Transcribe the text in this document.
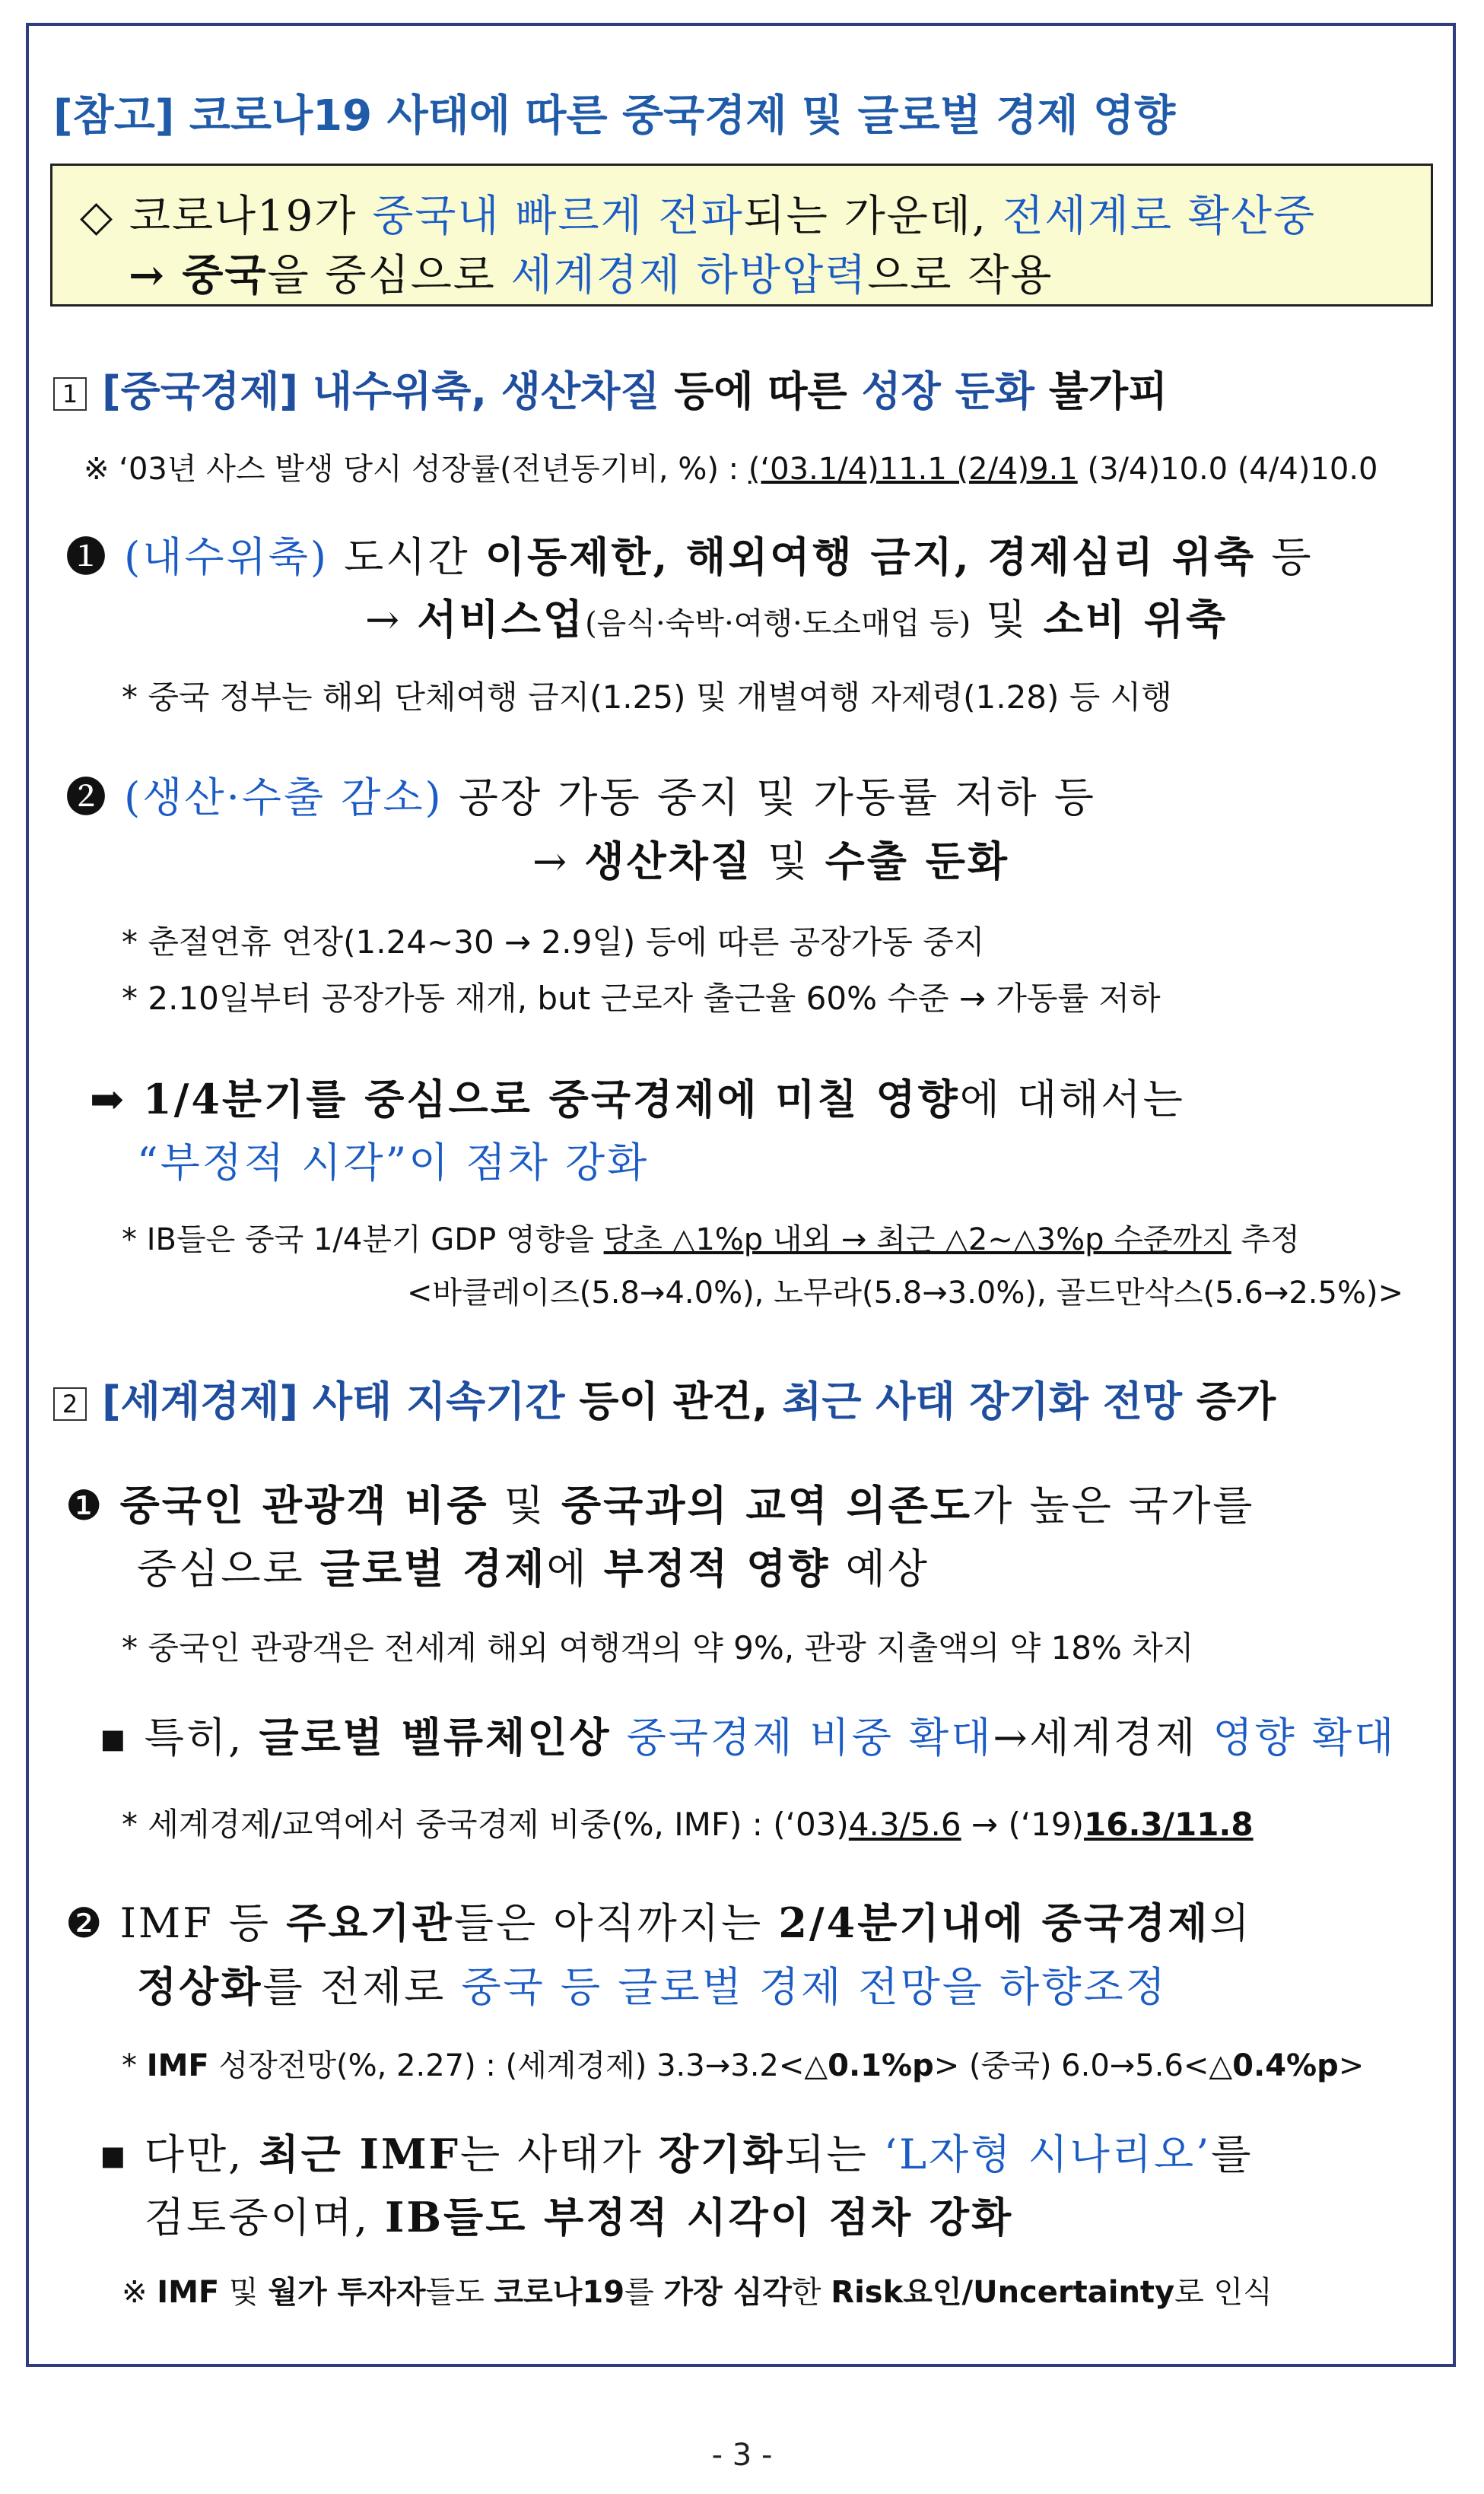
[참고] 코로나19 사태에 따른 중국경제 및 글로벌 경제 영향
◇ 코로나19가 중국내 빠르게 전파되는 가운데, 전세계로 확산중
→ 중국을 중심으로 세계경제 하방압력으로 작용
1 [중국경제] 내수위축, 생산차질 등에 따른 성장 둔화 불가피
※ ‘03년 사스 발생 당시 성장률(전년동기비, %) : (‘03.1/4)11.1 (2/4)9.1 (3/4)10.0 (4/4)10.0
❶ (내수위축) 도시간 이동제한, 해외여행 금지, 경제심리 위축 등
→ 서비스업(음식·숙박·여행·도소매업 등) 및 소비 위축
* 중국 정부는 해외 단체여행 금지(1.25) 및 개별여행 자제령(1.28) 등 시행
❷ (생산·수출 감소) 공장 가동 중지 및 가동률 저하 등
→ 생산차질 및 수출 둔화
* 춘절연휴 연장(1.24~30 → 2.9일) 등에 따른 공장가동 중지
* 2.10일부터 공장가동 재개, but 근로자 출근율 60% 수준 → 가동률 저하
➡ 1/4분기를 중심으로 중국경제에 미칠 영향에 대해서는
“부정적 시각”이 점차 강화
* IB들은 중국 1/4분기 GDP 영향을 당초 △1%p 내외 → 최근 △2~△3%p 수준까지 추정
<바클레이즈(5.8→4.0%), 노무라(5.8→3.0%), 골드만삭스(5.6→2.5%)>
2 [세계경제] 사태 지속기간 등이 관건, 최근 사태 장기화 전망 증가
❶ 중국인 관광객 비중 및 중국과의 교역 의존도가 높은 국가를
중심으로 글로벌 경제에 부정적 영향 예상
* 중국인 관광객은 전세계 해외 여행객의 약 9%, 관광 지출액의 약 18% 차지
▪ 특히, 글로벌 벨류체인상 중국경제 비중 확대→세계경제 영향 확대
* 세계경제/교역에서 중국경제 비중(%, IMF) : (‘03)4.3/5.6 → (‘19)16.3/11.8
❷ IMF 등 주요기관들은 아직까지는 2/4분기내에 중국경제의
정상화를 전제로 중국 등 글로벌 경제 전망을 하향조정
* IMF 성장전망(%, 2.27) : (세계경제) 3.3→3.2<△0.1%p> (중국) 6.0→5.6<△0.4%p>
▪ 다만, 최근 IMF는 사태가 장기화되는 ‘L자형 시나리오’를
검토중이며, IB들도 부정적 시각이 점차 강화
※ IMF 및 월가 투자자들도 코로나19를 가장 심각한 Risk요인/Uncertainty로 인식
- 3 -
